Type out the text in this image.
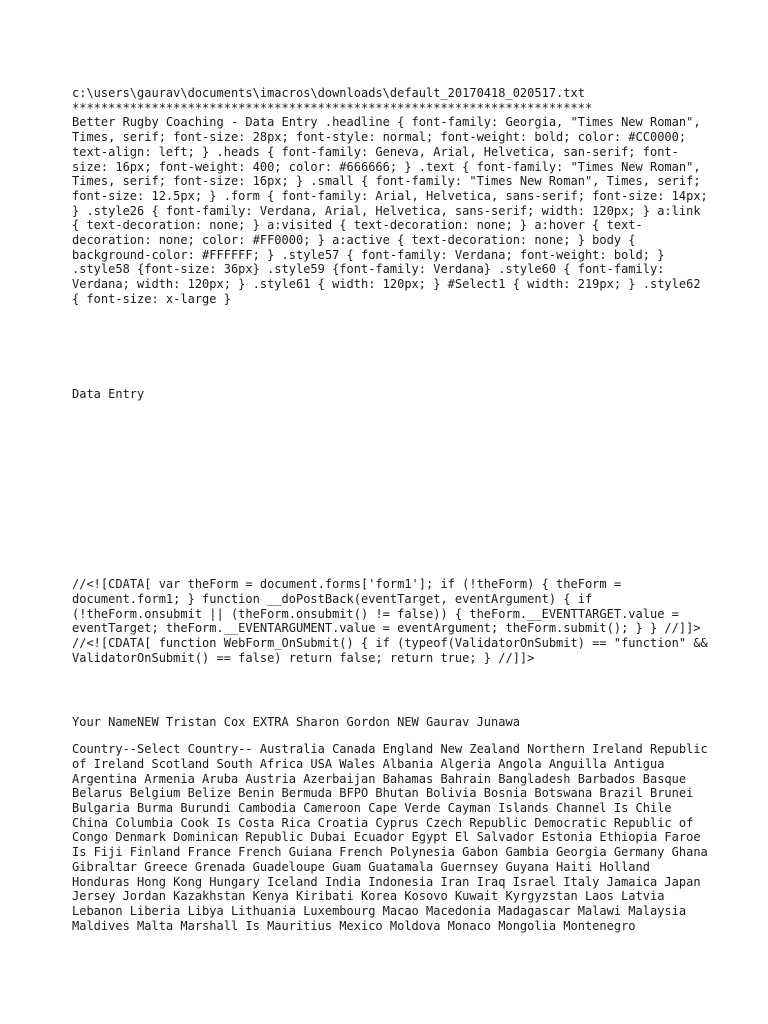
c:\users\gaurav\documents\imacros\downloads\default_20170418_020517.txt
************************************************************************
Better Rugby Coaching - Data Entry .headline { font-family: Georgia, "Times New Roman", Times, serif; font-size: 28px; font-style: normal; font-weight: bold; color: #CC0000; text-align: left; } .heads { font-family: Geneva, Arial, Helvetica, san-serif; font-size: 16px; font-weight: 400; color: #666666; } .text { font-family: "Times New Roman", Times, serif; font-size: 16px; } .small { font-family: "Times New Roman", Times, serif; font-size: 12.5px; } .form { font-family: Arial, Helvetica, sans-serif; font-size: 14px; } .style26 { font-family: Verdana, Arial, Helvetica, sans-serif; width: 120px; } a:link { text-decoration: none; } a:visited { text-decoration: none; } a:hover { text-decoration: none; color: #FF0000; } a:active { text-decoration: none; } body { background-color: #FFFFFF; } .style57 { font-family: Verdana; font-weight: bold; } .style58 {font-size: 36px} .style59 {font-family: Verdana} .style60 { font-family: Verdana; width: 120px; } .style61 { width: 120px; } #Select1 { width: 219px; } .style62 { font-size: x-large }
Data Entry
//<![CDATA[ var theForm = document.forms['form1']; if (!theForm) { theForm = document.form1; } function __doPostBack(eventTarget, eventArgument) { if (!theForm.onsubmit || (theForm.onsubmit() != false)) { theForm.__EVENTTARGET.value = eventTarget; theForm.__EVENTARGUMENT.value = eventArgument; theForm.submit(); } } //]]> //<![CDATA[ function WebForm_OnSubmit() { if (typeof(ValidatorOnSubmit) == "function" && ValidatorOnSubmit() == false) return false; return true; } //]]>
Your NameNEW Tristan Cox EXTRA Sharon Gordon NEW Gaurav Junawa
Country--Select Country-- Australia Canada England New Zealand Northern Ireland Republic of Ireland Scotland South Africa USA Wales Albania Algeria Angola Anguilla Antigua Argentina Armenia Aruba Austria Azerbaijan Bahamas Bahrain Bangladesh Barbados Basque Belarus Belgium Belize Benin Bermuda BFPO Bhutan Bolivia Bosnia Botswana Brazil Brunei Bulgaria Burma Burundi Cambodia Cameroon Cape Verde Cayman Islands Channel Is Chile China Columbia Cook Is Costa Rica Croatia Cyprus Czech Republic Democratic Republic of Congo Denmark Dominican Republic Dubai Ecuador Egypt El Salvador Estonia Ethiopia Faroe Is Fiji Finland France French Guiana French Polynesia Gabon Gambia Georgia Germany Ghana Gibraltar Greece Grenada Guadeloupe Guam Guatamala Guernsey Guyana Haiti Holland Honduras Hong Kong Hungary Iceland India Indonesia Iran Iraq Israel Italy Jamaica Japan Jersey Jordan Kazakhstan Kenya Kiribati Korea Kosovo Kuwait Kyrgyzstan Laos Latvia Lebanon Liberia Libya Lithuania Luxembourg Macao Macedonia Madagascar Malawi Malaysia Maldives Malta Marshall Is Mauritius Mexico Moldova Monaco Mongolia Montenegro
